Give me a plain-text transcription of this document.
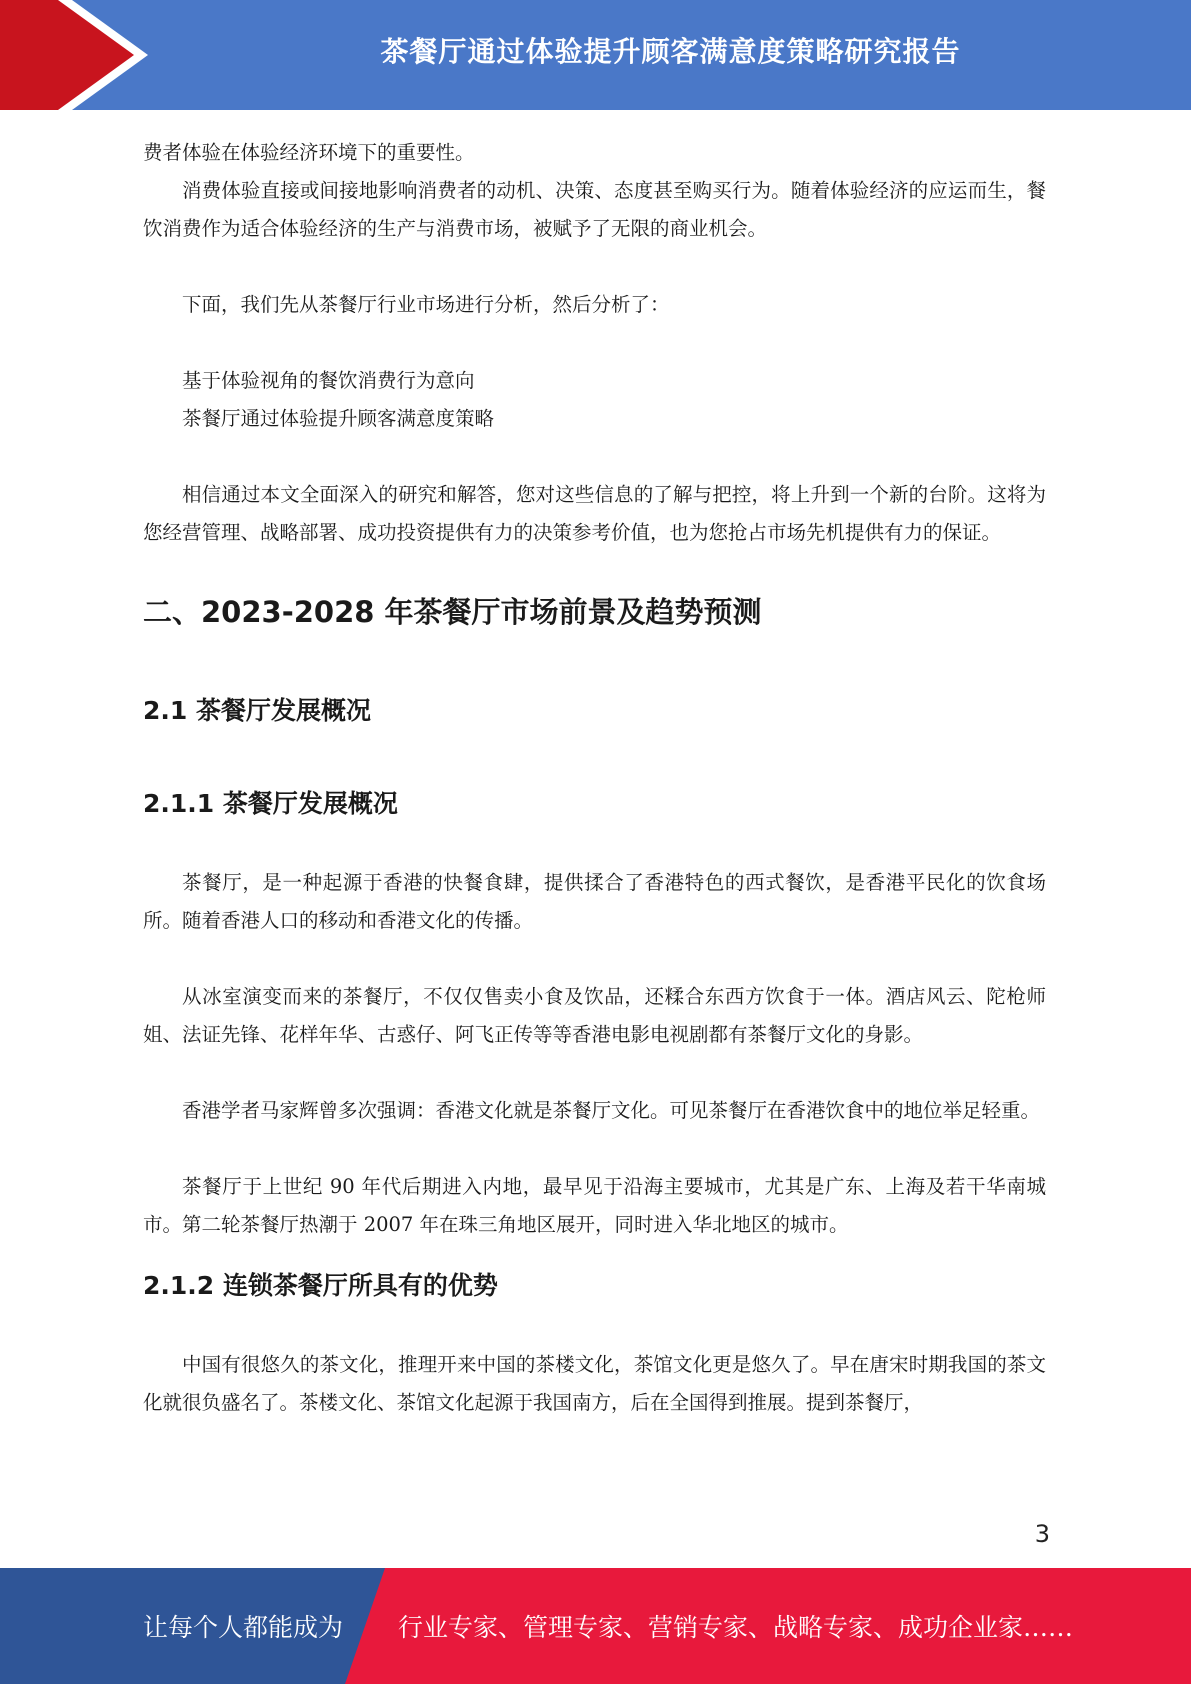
茶餐厅通过体验提升顾客满意度策略研究报告

费者体验在体验经济环境下的重要性。

消费体验直接或间接地影响消费者的动机、决策、态度甚至购买行为。随着体验经济的应运而生，餐饮消费作为适合体验经济的生产与消费市场，被赋予了无限的商业机会。

下面，我们先从茶餐厅行业市场进行分析，然后分析了：

基于体验视角的餐饮消费行为意向

茶餐厅通过体验提升顾客满意度策略

相信通过本文全面深入的研究和解答，您对这些信息的了解与把控，将上升到一个新的台阶。这将为您经营管理、战略部署、成功投资提供有力的决策参考价值，也为您抢占市场先机提供有力的保证。

二、2023-2028 年茶餐厅市场前景及趋势预测
2.1 茶餐厅发展概况
2.1.1 茶餐厅发展概况

茶餐厅，是一种起源于香港的快餐食肆，提供揉合了香港特色的西式餐饮，是香港平民化的饮食场所。随着香港人口的移动和香港文化的传播。

从冰室演变而来的茶餐厅，不仅仅售卖小食及饮品，还糅合东西方饮食于一体。酒店风云、陀枪师姐、法证先锋、花样年华、古惑仔、阿飞正传等等香港电影电视剧都有茶餐厅文化的身影。

香港学者马家辉曾多次强调：香港文化就是茶餐厅文化。可见茶餐厅在香港饮食中的地位举足轻重。

茶餐厅于上世纪 90 年代后期进入内地，最早见于沿海主要城市，尤其是广东、上海及若干华南城市。第二轮茶餐厅热潮于 2007 年在珠三角地区展开，同时进入华北地区的城市。

2.1.2 连锁茶餐厅所具有的优势

中国有很悠久的茶文化，推理开来中国的茶楼文化，茶馆文化更是悠久了。早在唐宋时期我国的茶文化就很负盛名了。茶楼文化、茶馆文化起源于我国南方，后在全国得到推展。提到茶餐厅，

3
让每个人都能成为 行业专家、管理专家、营销专家、战略专家、成功企业家……
